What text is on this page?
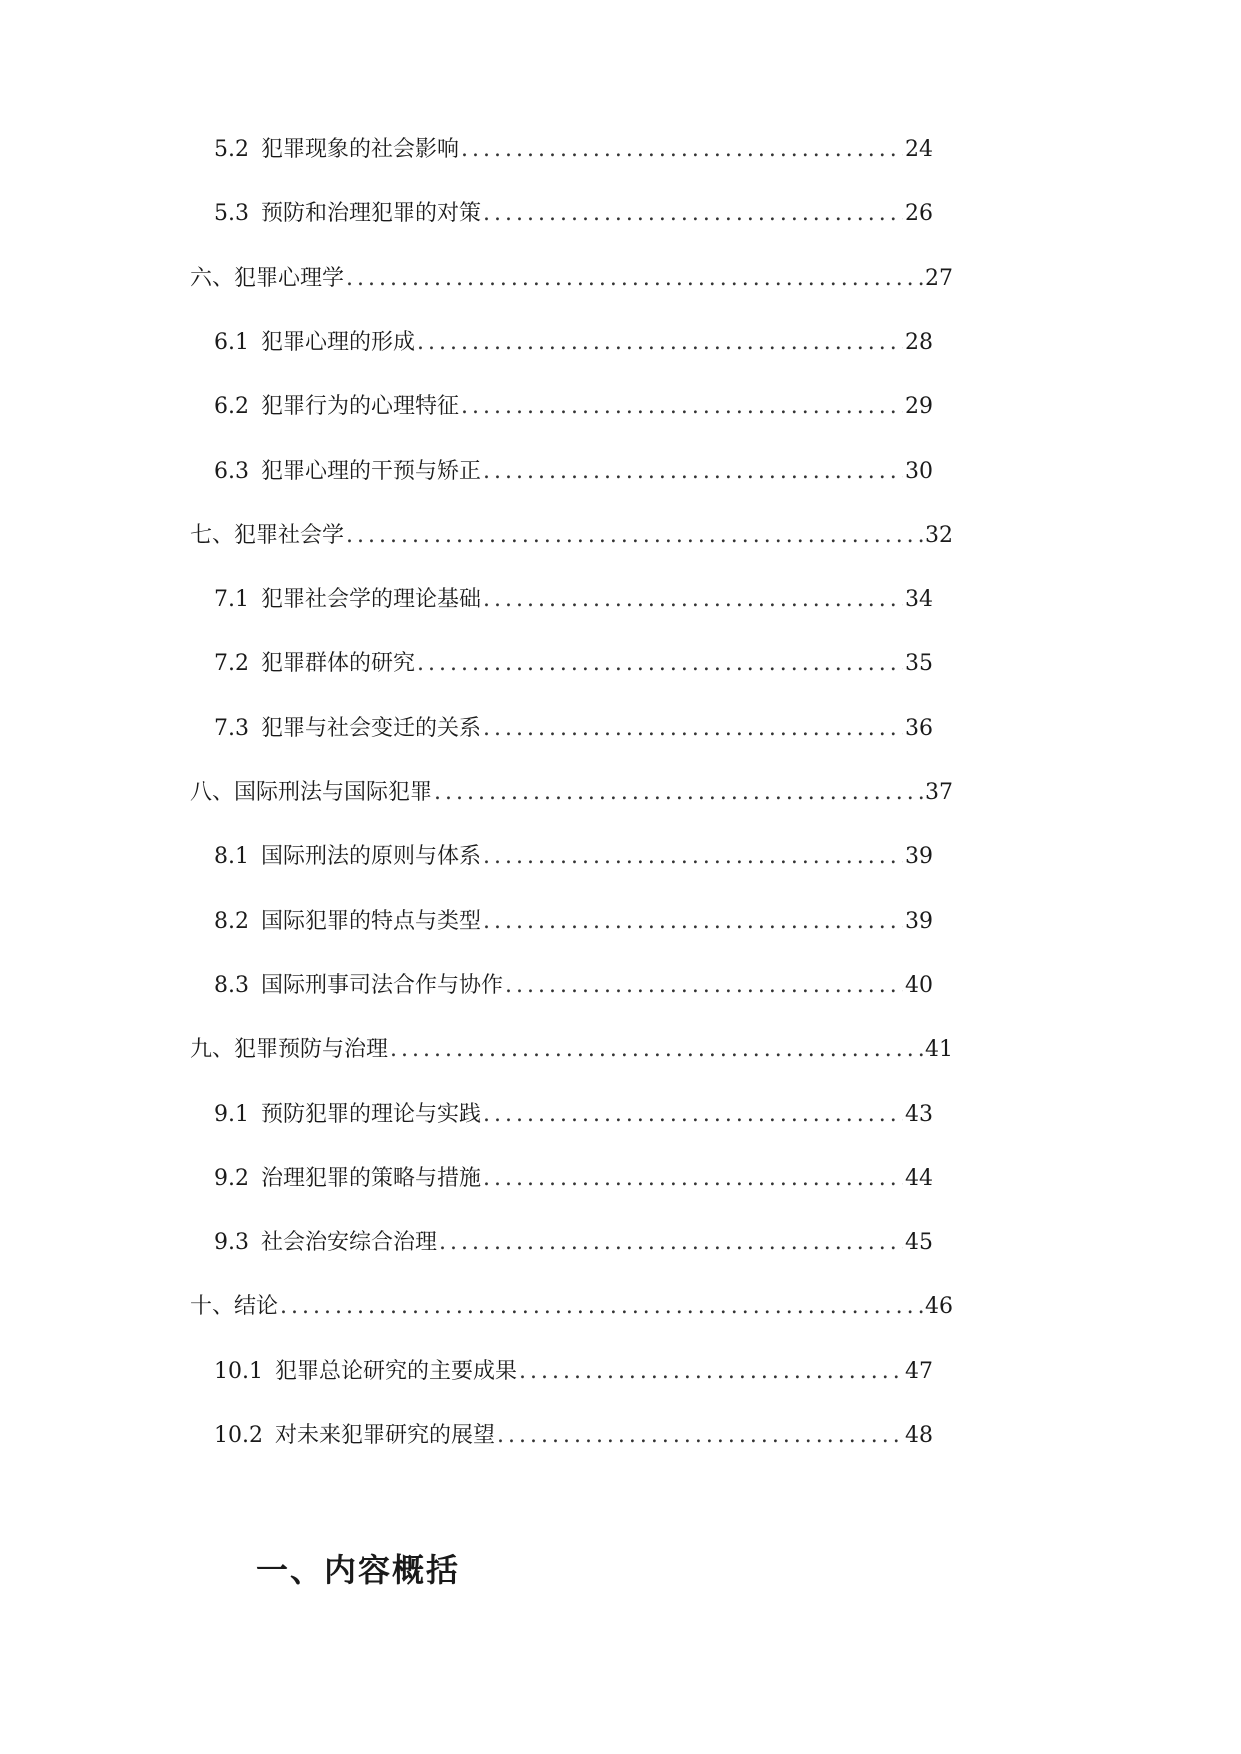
5.2 犯罪现象的社会影响 .....	24
5.3 预防和治理犯罪的对策 .....	26
六、犯罪心理学 .....	27
6.1 犯罪心理的形成 .....	28
6.2 犯罪行为的心理特征 .....	29
6.3 犯罪心理的干预与矫正 .....	30
七、犯罪社会学 .....	32
7.1 犯罪社会学的理论基础 .....	34
7.2 犯罪群体的研究 .....	35
7.3 犯罪与社会变迁的关系 .....	36
八、国际刑法与国际犯罪 .....	37
8.1 国际刑法的原则与体系 .....	39
8.2 国际犯罪的特点与类型 .....	39
8.3 国际刑事司法合作与协作 .....	40
九、犯罪预防与治理 .....	41
9.1 预防犯罪的理论与实践 .....	43
9.2 治理犯罪的策略与措施 .....	44
9.3 社会治安综合治理 .....	45
十、结论 .....	46
10.1 犯罪总论研究的主要成果 .....	47
10.2 对未来犯罪研究的展望 .....	48
一、内容概括
